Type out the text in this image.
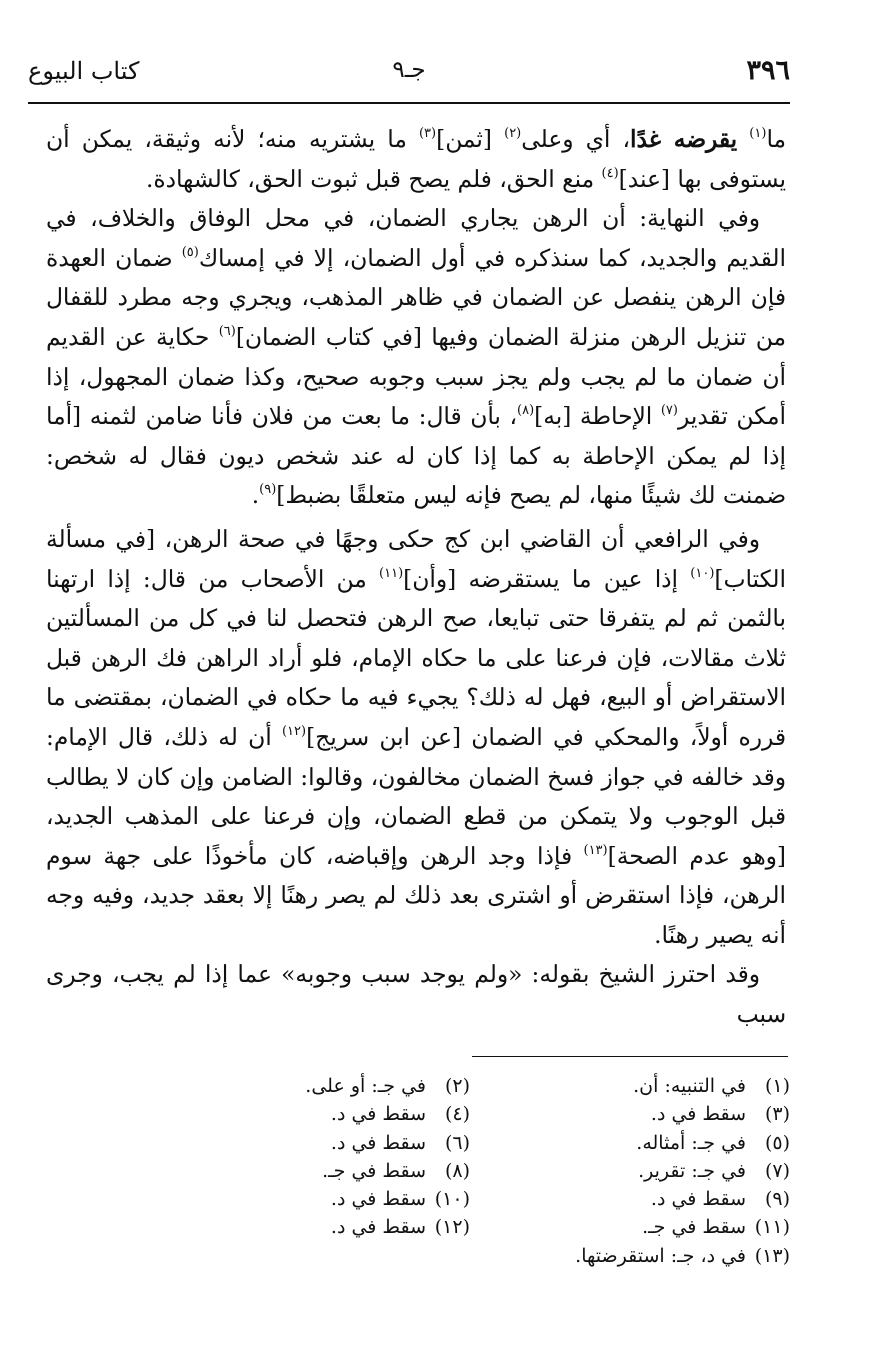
٣٩٦
جـ٩
كتاب البيوع

ما$^{(١)}$ يقرضه غدًا، أي وعلى$^{(٢)}$ [ثمن]$^{(٣)}$ ما يشتريه منه؛ لأنه وثيقة، يمكن أن يستوفى بها [عند]$^{(٤)}$ منع الحق، فلم يصح قبل ثبوت الحق، كالشهادة.

وفي النهاية: أن الرهن يجاري الضمان، في محل الوفاق والخلاف، في القديم والجديد، كما سنذكره في أول الضمان، إلا في إمساك$^{(٥)}$ ضمان العهدة فإن الرهن ينفصل عن الضمان في ظاهر المذهب، ويجري وجه مطرد للقفال من تنزيل الرهن منزلة الضمان وفيها [في كتاب الضمان]$^{(٦)}$ حكاية عن القديم أن ضمان ما لم يجب ولم يجز سبب وجوبه صحيح، وكذا ضمان المجهول، إذا أمكن تقدير$^{(٧)}$ الإحاطة [به]$^{(٨)}$، بأن قال: ما بعت من فلان فأنا ضامن لثمنه [أما إذا لم يمكن الإحاطة به كما إذا كان له عند شخص ديون فقال له شخص: ضمنت لك شيئًا منها، لم يصح فإنه ليس متعلقًا بضبط]$^{(٩)}$.

وفي الرافعي أن القاضي ابن كج حكى وجهًا في صحة الرهن، [في مسألة الكتاب]$^{(١٠)}$ إذا عين ما يستقرضه [وأن]$^{(١١)}$ من الأصحاب من قال: إذا ارتهنا بالثمن ثم لم يتفرقا حتى تبايعا، صح الرهن فتحصل لنا في كل من المسألتين ثلاث مقالات، فإن فرعنا على ما حكاه الإمام، فلو أراد الراهن فك الرهن قبل الاستقراض أو البيع، فهل له ذلك؟ يجيء فيه ما حكاه في الضمان، بمقتضى ما قرره أولاً، والمحكي في الضمان [عن ابن سريج]$^{(١٢)}$ أن له ذلك، قال الإمام: وقد خالفه في جواز فسخ الضمان مخالفون، وقالوا: الضامن وإن كان لا يطالب قبل الوجوب ولا يتمكن من قطع الضمان، وإن فرعنا على المذهب الجديد، [وهو عدم الصحة]$^{(١٣)}$ فإذا وجد الرهن وإقباضه، كان مأخوذًا على جهة سوم الرهن، فإذا استقرض أو اشترى بعد ذلك لم يصر رهنًا إلا بعقد جديد، وفيه وجه أنه يصير رهنًا.

وقد احترز الشيخ بقوله: «ولم يوجد سبب وجوبه» عما إذا لم يجب، وجرى سبب

(١)في التنبيه: أن.
(٢)في جـ: أو على.
(٣)سقط في د.
(٤)سقط في د.
(٥)في جـ: أمثاله.
(٦)سقط في د.
(٧)في جـ: تقرير.
(٨)سقط في جـ.
(٩)سقط في د.
(١٠)سقط في د.
(١١)سقط في جـ.
(١٢)سقط في د.
(١٣)في د، جـ: استقرضتها.
